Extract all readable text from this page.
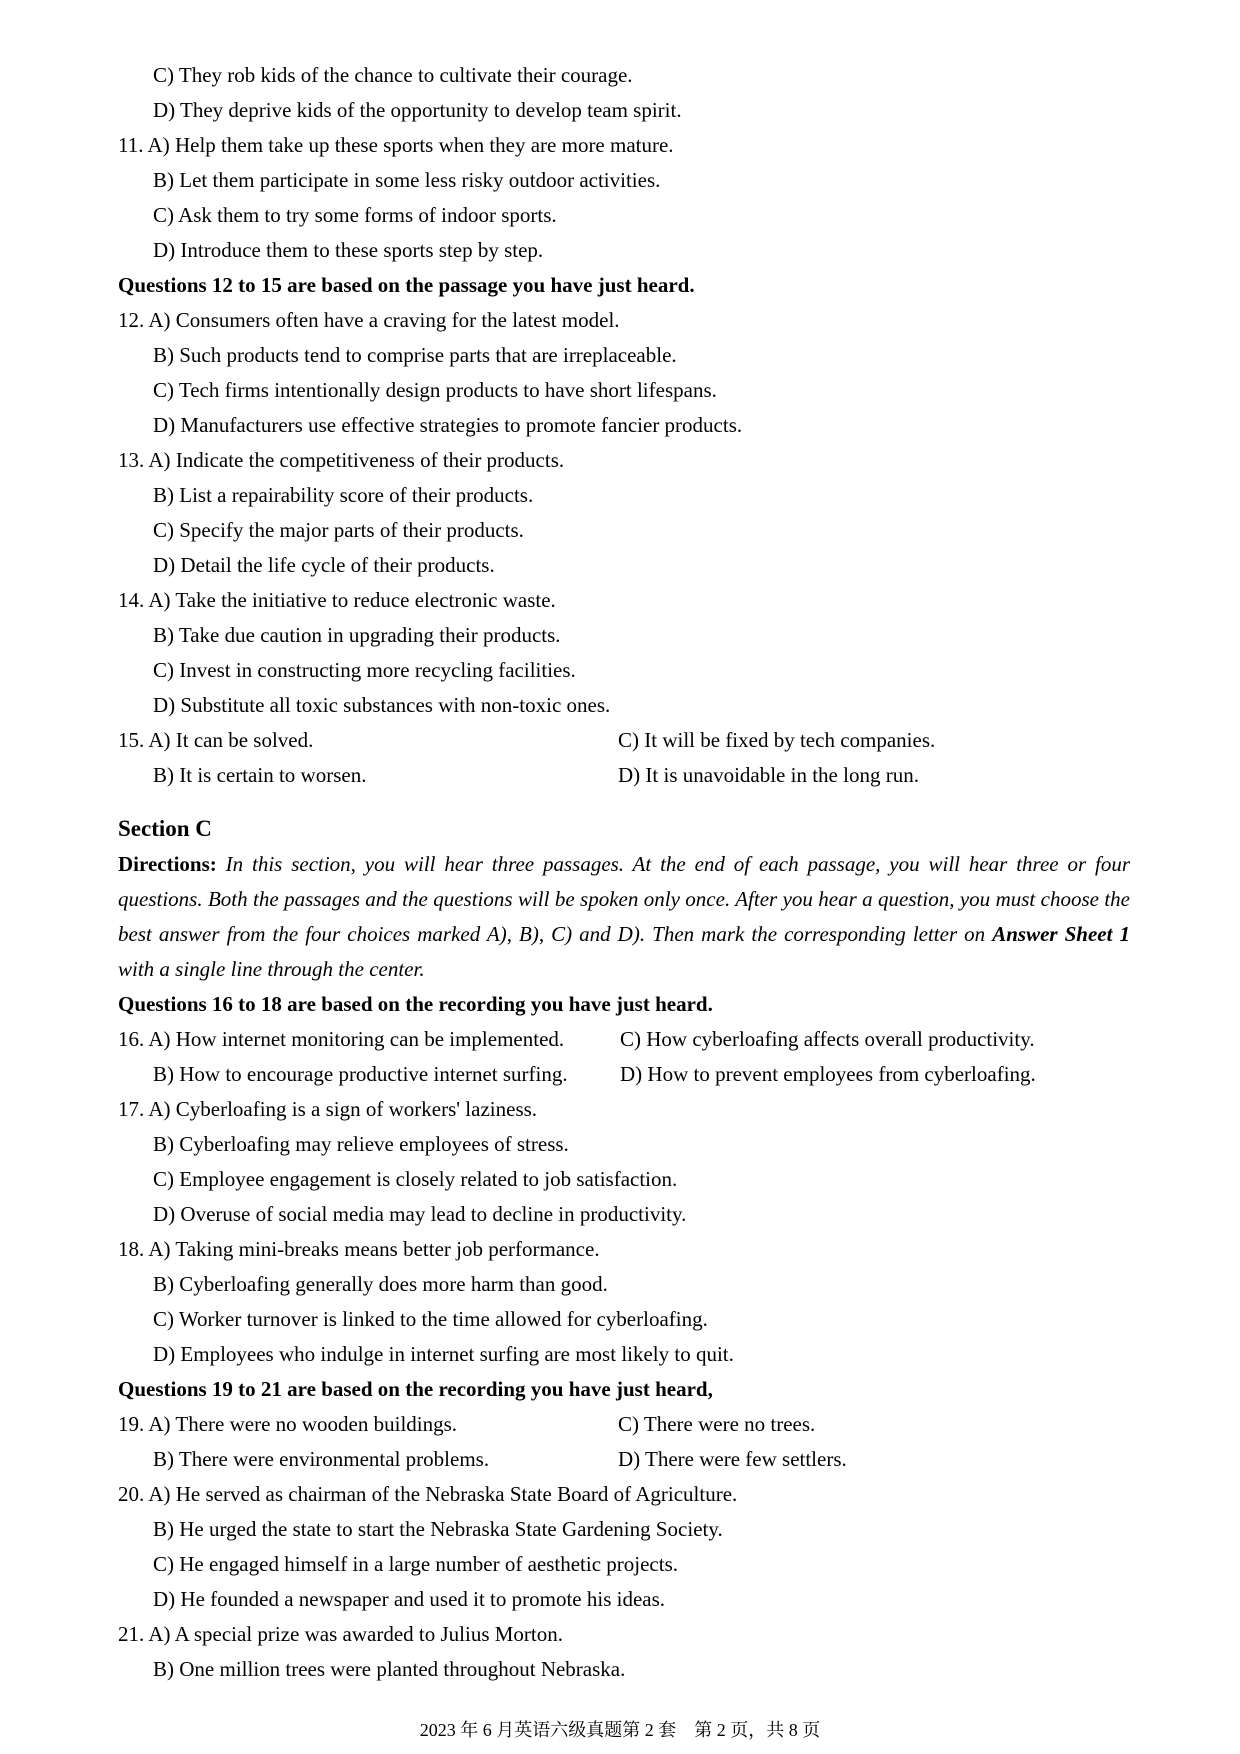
C) They rob kids of the chance to cultivate their courage.
D) They deprive kids of the opportunity to develop team spirit.
11. A) Help them take up these sports when they are more mature.
B) Let them participate in some less risky outdoor activities.
C) Ask them to try some forms of indoor sports.
D) Introduce them to these sports step by step.
Questions 12 to 15 are based on the passage you have just heard.
12. A) Consumers often have a craving for the latest model.
B) Such products tend to comprise parts that are irreplaceable.
C) Tech firms intentionally design products to have short lifespans.
D) Manufacturers use effective strategies to promote fancier products.
13. A) Indicate the competitiveness of their products.
B) List a repairability score of their products.
C) Specify the major parts of their products.
D) Detail the life cycle of their products.
14. A) Take the initiative to reduce electronic waste.
B) Take due caution in upgrading their products.
C) Invest in constructing more recycling facilities.
D) Substitute all toxic substances with non-toxic ones.
15. A) It can be solved.	C) It will be fixed by tech companies.
B) It is certain to worsen.	D) It is unavoidable in the long run.
Section C
Directions: In this section, you will hear three passages. At the end of each passage, you will hear three or four questions. Both the passages and the questions will be spoken only once. After you hear a question, you must choose the best answer from the four choices marked A), B), C) and D). Then mark the corresponding letter on Answer Sheet 1 with a single line through the center.
Questions 16 to 18 are based on the recording you have just heard.
16. A) How internet monitoring can be implemented.	C) How cyberloafing affects overall productivity.
B) How to encourage productive internet surfing.	D) How to prevent employees from cyberloafing.
17. A) Cyberloafing is a sign of workers' laziness.
B) Cyberloafing may relieve employees of stress.
C) Employee engagement is closely related to job satisfaction.
D) Overuse of social media may lead to decline in productivity.
18. A) Taking mini-breaks means better job performance.
B) Cyberloafing generally does more harm than good.
C) Worker turnover is linked to the time allowed for cyberloafing.
D) Employees who indulge in internet surfing are most likely to quit.
Questions 19 to 21 are based on the recording you have just heard,
19. A) There were no wooden buildings.	C) There were no trees.
B) There were environmental problems.	D) There were few settlers.
20. A) He served as chairman of the Nebraska State Board of Agriculture.
B) He urged the state to start the Nebraska State Gardening Society.
C) He engaged himself in a large number of aesthetic projects.
D) He founded a newspaper and used it to promote his ideas.
21. A) A special prize was awarded to Julius Morton.
B) One million trees were planted throughout Nebraska.
2023 年 6 月英语六级真题第 2 套　第 2 页，共 8 页
